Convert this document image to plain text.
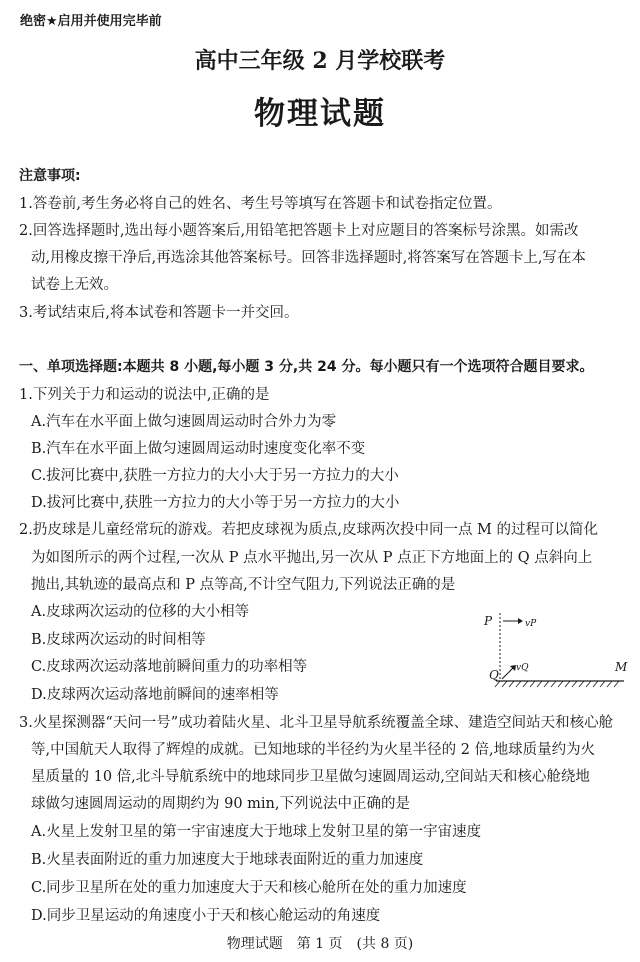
绝密★启用并使用完毕前
高中三年级 2 月学校联考
物理试题
注意事项:
1.答卷前,考生务必将自己的姓名、考生号等填写在答题卡和试卷指定位置。
2.回答选择题时,选出每小题答案后,用铅笔把答题卡上对应题目的答案标号涂黑。如需改
动,用橡皮擦干净后,再选涂其他答案标号。回答非选择题时,将答案写在答题卡上,写在本
试卷上无效。
3.考试结束后,将本试卷和答题卡一并交回。
一、单项选择题:本题共 8 小题,每小题 3 分,共 24 分。每小题只有一个选项符合题目要求。
1.下列关于力和运动的说法中,正确的是
A.汽车在水平面上做匀速圆周运动时合外力为零
B.汽车在水平面上做匀速圆周运动时速度变化率不变
C.拔河比赛中,获胜一方拉力的大小大于另一方拉力的大小
D.拔河比赛中,获胜一方拉力的大小等于另一方拉力的大小
2.扔皮球是儿童经常玩的游戏。若把皮球视为质点,皮球两次投中同一点 M 的过程可以简化
为如图所示的两个过程,一次从 P 点水平抛出,另一次从 P 点正下方地面上的 Q 点斜向上
抛出,其轨迹的最高点和 P 点等高,不计空气阻力,下列说法正确的是
A.皮球两次运动的位移的大小相等
B.皮球两次运动的时间相等
C.皮球两次运动落地前瞬间重力的功率相等
D.皮球两次运动落地前瞬间的速率相等
P	vP
vQ
Q
M
3.火星探测器“天问一号”成功着陆火星、北斗卫星导航系统覆盖全球、建造空间站天和核心舱
等,中国航天人取得了辉煌的成就。已知地球的半径约为火星半径的 2 倍,地球质量约为火
星质量的 10 倍,北斗导航系统中的地球同步卫星做匀速圆周运动,空间站天和核心舱绕地
球做匀速圆周运动的周期约为 90 min,下列说法中正确的是
A.火星上发射卫星的第一宇宙速度大于地球上发射卫星的第一宇宙速度
B.火星表面附近的重力加速度大于地球表面附近的重力加速度
C.同步卫星所在处的重力加速度大于天和核心舱所在处的重力加速度
D.同步卫星运动的角速度小于天和核心舱运动的角速度
物理试题　第 1 页　(共 8 页)
